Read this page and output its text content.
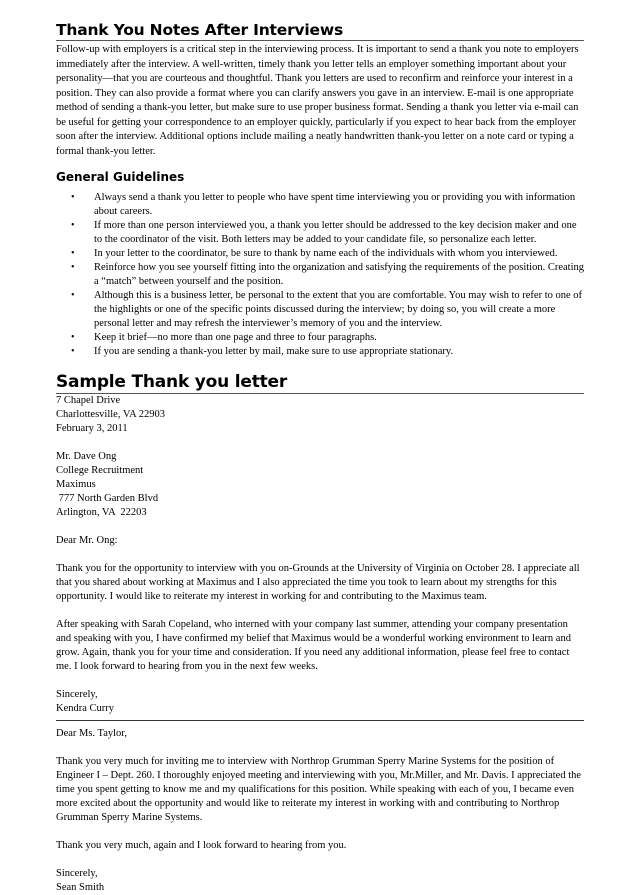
Thank You Notes After Interviews

Follow-up with employers is a critical step in the interviewing process. It is important to send a thank you note to employers immediately after the interview. A well-written, timely thank you letter tells an employer something important about your personality—that you are courteous and thoughtful. Thank you letters are used to reconfirm and reinforce your interest in a position. They can also provide a format where you can clarify answers you gave in an interview. E-mail is one appropriate method of sending a thank-you letter, but make sure to use proper business format. Sending a thank you letter via e-mail can be useful for getting your correspondence to an employer quickly, particularly if you expect to hear back from the employer soon after the interview. Additional options include mailing a neatly handwritten thank-you letter on a note card or typing a formal thank-you letter.

General Guidelines
• Always send a thank you letter to people who have spent time interviewing you or providing you with information about careers.
• If more than one person interviewed you, a thank you letter should be addressed to the key decision maker and one to the coordinator of the visit. Both letters may be added to your candidate file, so personalize each letter.
• In your letter to the coordinator, be sure to thank by name each of the individuals with whom you interviewed.
• Reinforce how you see yourself fitting into the organization and satisfying the requirements of the position. Creating a “match” between yourself and the position.
• Although this is a business letter, be personal to the extent that you are comfortable. You may wish to refer to one of the highlights or one of the specific points discussed during the interview; by doing so, you will create a more personal letter and may refresh the interviewer’s memory of you and the interview.
• Keep it brief—no more than one page and three to four paragraphs.
• If you are sending a thank-you letter by mail, make sure to use appropriate stationary.
Sample Thank you letter

7 Chapel Drive

Charlottesville, VA 22903

February 3, 2011

Mr. Dave Ong

College Recruitment

Maximus

777 North Garden Blvd

Arlington, VA  22203

Dear Mr. Ong:

Thank you for the opportunity to interview with you on-Grounds at the University of Virginia on October 28. I appreciate all that you shared about working at Maximus and I also appreciated the time you took to learn about my strengths for this opportunity. I would like to reiterate my interest in working for and contributing to the Maximus team.

After speaking with Sarah Copeland, who interned with your company last summer, attending your company presentation and speaking with you, I have confirmed my belief that Maximus would be a wonderful working environment to learn and grow. Again, thank you for your time and consideration. If you need any additional information, please feel free to contact me. I look forward to hearing from you in the next few weeks.

Sincerely,

Kendra Curry

Dear Ms. Taylor,

Thank you very much for inviting me to interview with Northrop Grumman Sperry Marine Systems for the position of Engineer I – Dept. 260. I thoroughly enjoyed meeting and interviewing with you, Mr.Miller, and Mr. Davis. I appreciated the time you spent getting to know me and my qualifications for this position. While speaking with each of you, I became even more excited about the opportunity and would like to reiterate my interest in working with and contributing to Northrop Grumman Sperry Marine Systems.

Thank you very much, again and I look forward to hearing from you.

Sincerely,

Sean Smith
